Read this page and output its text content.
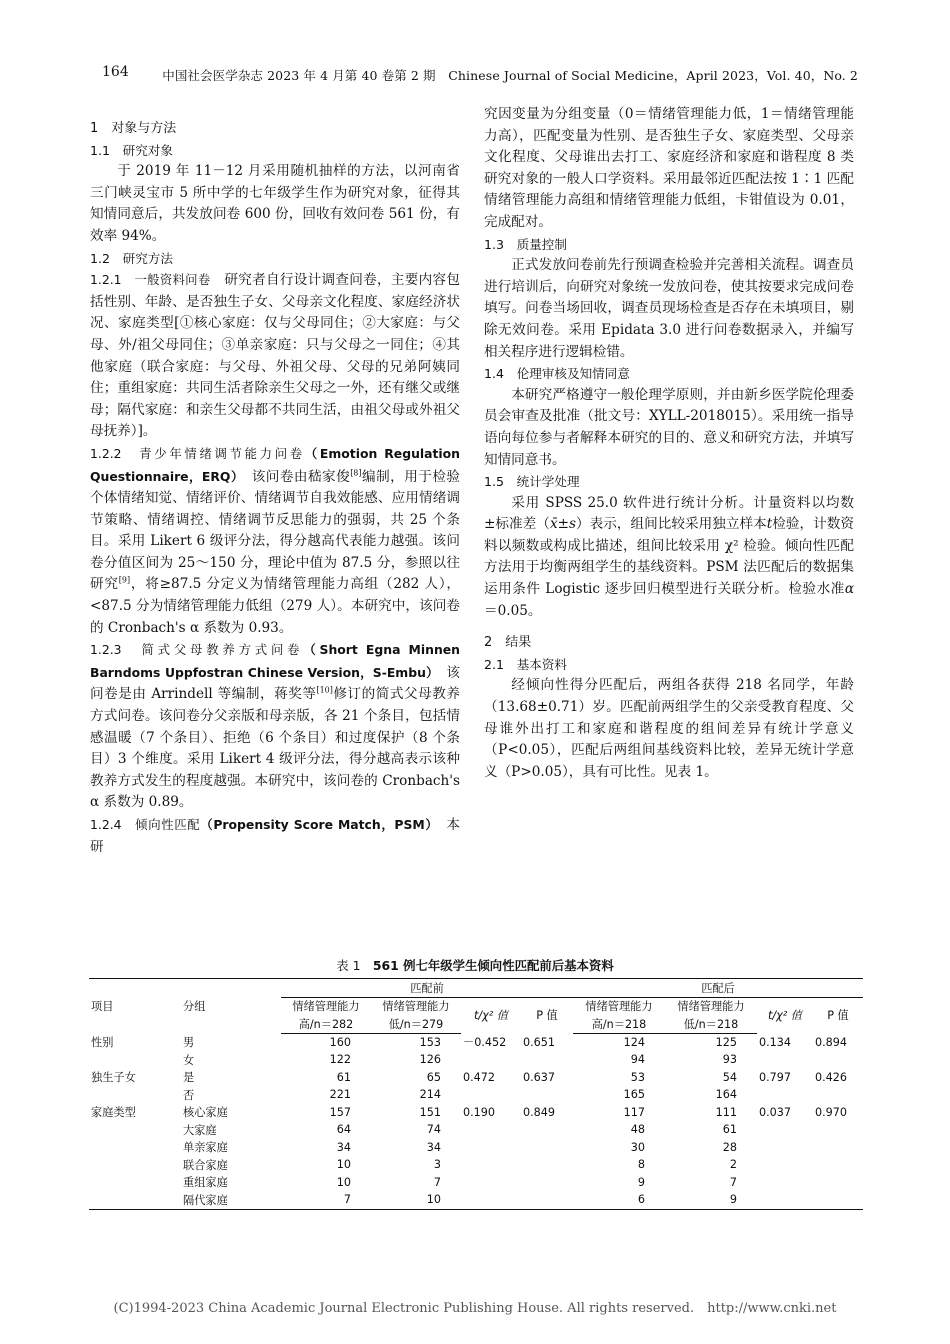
164	中国社会医学杂志 2023 年 4 月第 40 卷第 2 期　Chinese Journal of Social Medicine，April 2023，Vol. 40，No. 2

1　对象与方法

1.1　研究对象

于 2019 年 11－12 月采用随机抽样的方法，以河南省三门峡灵宝市 5 所中学的七年级学生作为研究对象，征得其知情同意后，共发放问卷 600 份，回收有效问卷 561 份，有效率 94%。

1.2　研究方法

1.2.1　一般资料问卷　 研究者自行设计调查问卷，主要内容包括性别、年龄、是否独生子女、父母亲文化程度、家庭经济状况、家庭类型[①核心家庭：仅与父母同住；②大家庭：与父母、外/祖父母同住；③单亲家庭：只与父母之一同住；④其他家庭（联合家庭：与父母、外祖父母、父母的兄弟阿姨同住；重组家庭：共同生活者除亲生父母之一外，还有继父或继母；隔代家庭：和亲生父母都不共同生活，由祖父母或外祖父母抚养）]。

1.2.2　青少年情绪调节能力问卷（Emotion Regulation Questionnaire，ERQ）　 该问卷由嵇家俊[8]编制，用于检验个体情绪知觉、情绪评价、情绪调节自我效能感、应用情绪调节策略、情绪调控、情绪调节反思能力的强弱，共 25 个条目。采用 Likert 6 级评分法，得分越高代表能力越强。该问卷分值区间为 25～150 分，理论中值为 87.5 分，参照以往研究[9]，将≥87.5 分定义为情绪管理能力高组（282 人），<87.5 分为情绪管理能力低组（279 人）。本研究中，该问卷的 Cronbach's α 系数为 0.93。

1.2.3　简式父母教养方式问卷（Short Egna Minnen Barndoms Uppfostran Chinese Version，S-Embu）　 该问卷是由 Arrindell 等编制，蒋奖等[10]修订的简式父母教养方式问卷。该问卷分父亲版和母亲版，各 21 个条目，包括情感温暖（7 个条目）、拒绝（6 个条目）和过度保护（8 个条目）3 个维度。采用 Likert 4 级评分法，得分越高表示该种教养方式发生的程度越强。本研究中，该问卷的 Cronbach's α 系数为 0.89。

1.2.4　倾向性匹配（Propensity Score Match，PSM）　 本研

究因变量为分组变量（0＝情绪管理能力低，1＝情绪管理能力高），匹配变量为性别、是否独生子女、家庭类型、父母亲文化程度、父母谁出去打工、家庭经济和家庭和谐程度 8 类研究对象的一般人口学资料。采用最邻近匹配法按 1∶1 匹配情绪管理能力高组和情绪管理能力低组，卡钳值设为 0.01，完成配对。

1.3　质量控制

正式发放问卷前先行预调查检验并完善相关流程。调查员进行培训后，向研究对象统一发放问卷，使其按要求完成问卷填写。问卷当场回收，调查员现场检查是否存在未填项目，剔除无效问卷。采用 Epidata 3.0 进行问卷数据录入，并编写相关程序进行逻辑检错。

1.4　伦理审核及知情同意

本研究严格遵守一般伦理学原则，并由新乡医学院伦理委员会审查及批准（批文号：XYLL-2018015）。采用统一指导语向每位参与者解释本研究的目的、意义和研究方法，并填写知情同意书。

1.5　统计学处理

采用 SPSS 25.0 软件进行统计分析。计量资料以均数±标准差（x̄±s）表示，组间比较采用独立样本t检验，计数资料以频数或构成比描述，组间比较采用 χ² 检验。倾向性匹配方法用于均衡两组学生的基线资料。PSM 法匹配后的数据集运用条件 Logistic 逐步回归模型进行关联分析。检验水准α＝0.05。

2　结果

2.1　基本资料

经倾向性得分匹配后，两组各获得 218 名同学，年龄（13.68±0.71）岁。匹配前两组学生的父亲受教育程度、父母谁外出打工和家庭和谐程度的组间差异有统计学意义（P<0.05），匹配后两组间基线资料比较，差异无统计学意义（P>0.05），具有可比性。见表 1。

表 1　 561 例七年级学生倾向性匹配前后基本资料
项目	分组	匹配前				匹配后			
		情绪管理能力	情绪管理能力	t/χ² 值	P 值	情绪管理能力	情绪管理能力	t/χ² 值	P 值
		高/n＝282	低/n＝279			高/n＝218	低/n＝218		
性别	男	160	153	－0.452	0.651	124	125	0.134	0.894
	女	122	126			94	93		
独生子女	是	61	65	0.472	0.637	53	54	0.797	0.426
	否	221	214			165	164		
家庭类型	核心家庭	157	151	0.190	0.849	117	111	0.037	0.970
	大家庭	64	74			48	61		
	单亲家庭	34	34			30	28		
	联合家庭	10	3			8	2		
	重组家庭	10	7			9	7		
	隔代家庭	7	10			6	9		
(C)1994-2023 China Academic Journal Electronic Publishing House. All rights reserved.　http://www.cnki.net
